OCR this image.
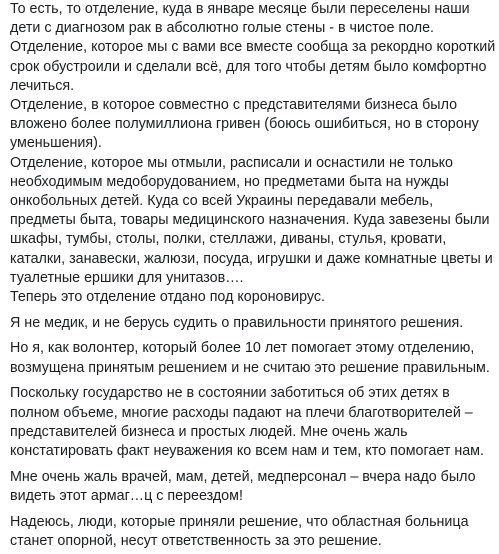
То есть, то отделение, куда в январе месяце были переселены наши
дети с диагнозом рак в абсолютно голые стены - в чистое поле.
Отделение, которое мы с вами все вместе сообща за рекордно короткий
срок обустроили и сделали всё, для того чтобы детям было комфортно
лечиться.
Отделение, в которое совместно с представителями бизнеса было
вложено более полумиллиона гривен (боюсь ошибиться, но в сторону
уменьшения).
Отделение, которое мы отмыли, расписали и оснастили не только
необходимым медоборудованием, но предметами быта на нужды
онкобольных детей. Куда со всей Украины передавали мебель,
предметы быта, товары медицинского назначения. Куда завезены были
шкафы, тумбы, столы, полки, стеллажи, диваны, стулья, кровати,
каталки, занавески, жалюзи, посуда, игрушки и даже комнатные цветы и
туалетные ершики для унитазов….
Теперь это отделение отдано под короновирус.

Я не медик, и не берусь судить о правильности принятого решения.

Но я, как волонтер, который более 10 лет помогает этому отделению,
возмущена принятым решением и не считаю это решение правильным.

Поскольку государство не в состоянии заботиться об этих детях в
полном объеме, многие расходы падают на плечи благотворителей –
представителей бизнеса и простых людей. Мне очень жаль
констатировать факт неуважения ко всем нам и тем, кто помогает нам.

Мне очень жаль врачей, мам, детей, медперсонал – вчера надо было
видеть этот армаг…ц с переездом!

Надеюсь, люди, которые приняли решение, что областная больница
станет опорной, несут ответственность за это решение.
